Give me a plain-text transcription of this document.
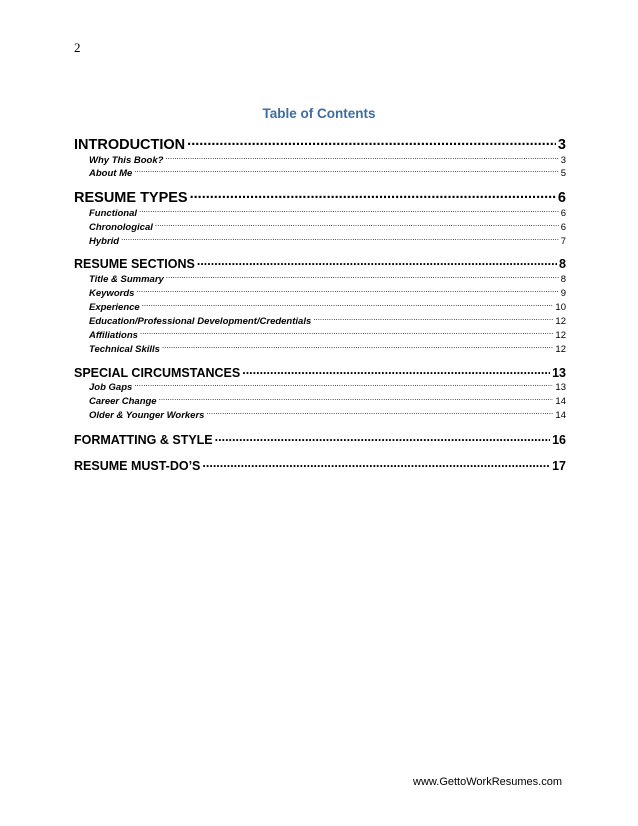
2
Table of Contents
INTRODUCTION .....	3
Why This Book? .....	3
About Me .....	5
RESUME TYPES .....	6
Functional .....	6
Chronological .....	6
Hybrid .....	7
RESUME SECTIONS .....	8
Title & Summary .....	8
Keywords .....	9
Experience .....	10
Education/Professional Development/Credentials .....	12
Affiliations .....	12
Technical Skills .....	12
SPECIAL CIRCUMSTANCES .....	13
Job Gaps .....	13
Career Change .....	14
Older & Younger Workers .....	14
FORMATTING & STYLE .....	16
RESUME MUST-DO’S .....	17
www.GettoWorkResumes.com
